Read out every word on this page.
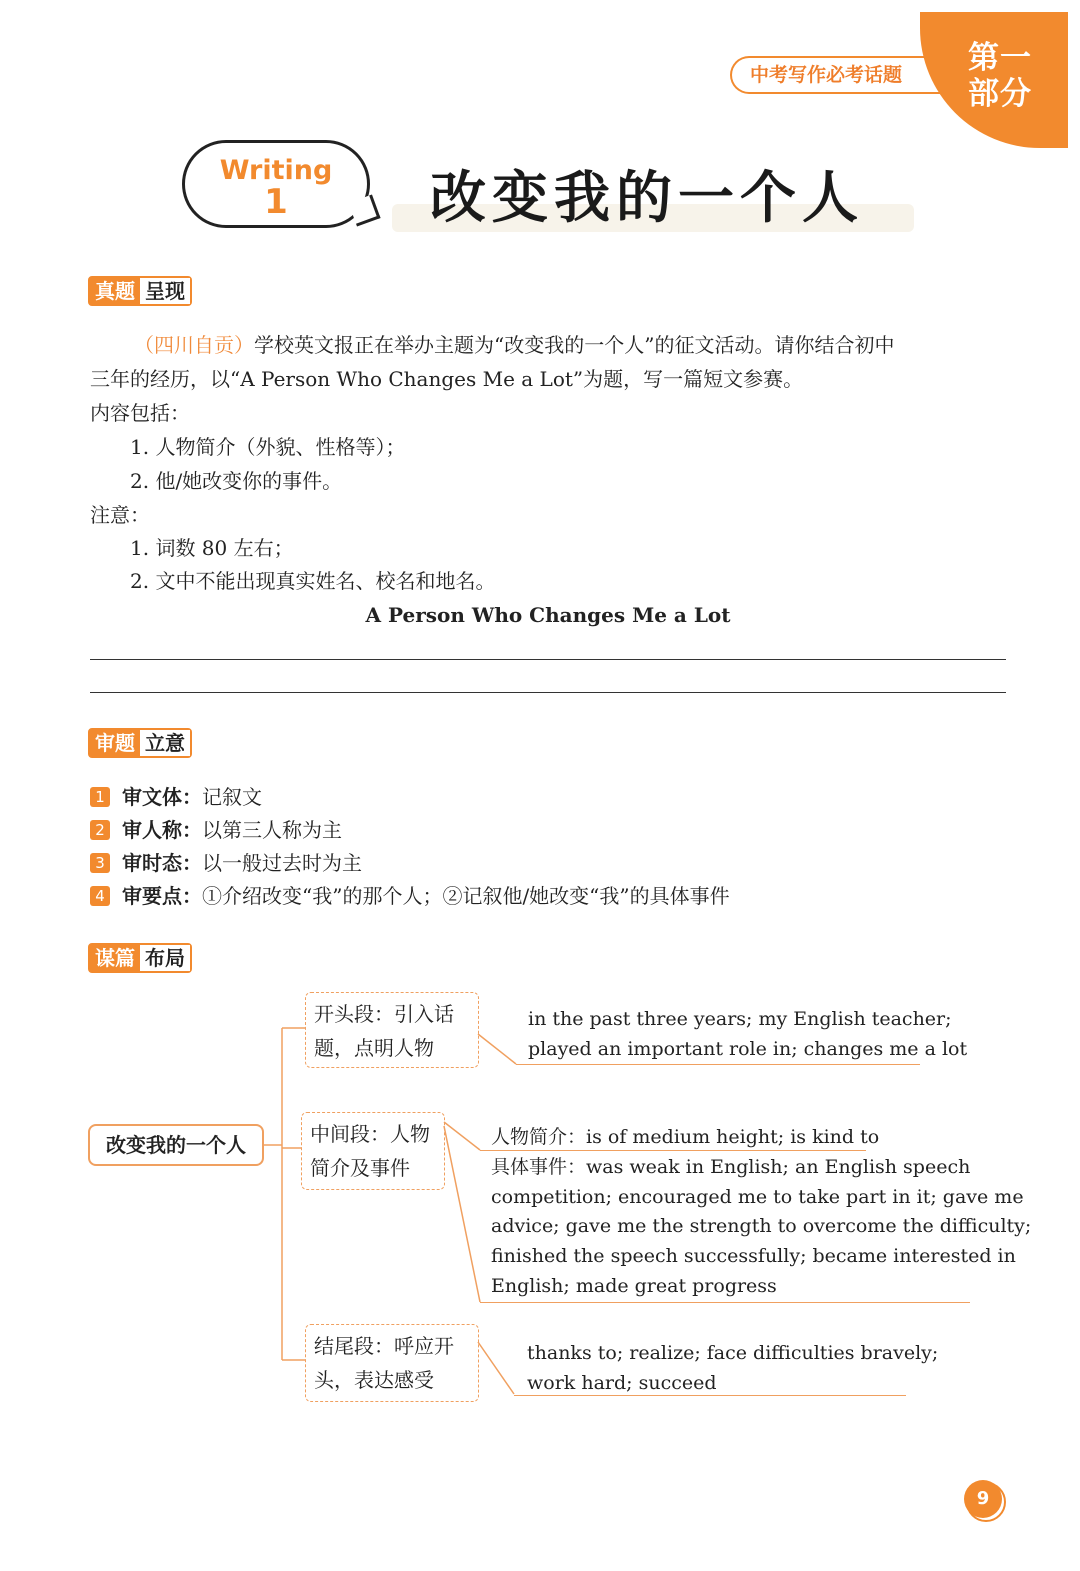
中考写作必考话题	第一部分
Writing
1	改变我的一个人
真题 呈现
（四川自贡）学校英文报正在举办主题为“改变我的一个人”的征文活动。请你结合初中
三年的经历，以“A Person Who Changes Me a Lot”为题，写一篇短文参赛。
内容包括：
1. 人物简介（外貌、性格等）；
2. 他/她改变你的事件。
注意：
1. 词数 80 左右；
2. 文中不能出现真实姓名、校名和地名。
A Person Who Changes Me a Lot
审题 立意
1 审文体：记叙文
2 审人称：以第三人称为主
3 审时态：以一般过去时为主
4 审要点：①介绍改变“我”的那个人；②记叙他/她改变“我”的具体事件
谋篇 布局
改变我的一个人
开头段：引入话
题，点明人物
in the past three years; my English teacher;
played an important role in; changes me a lot
中间段：人物
简介及事件
人物简介：is of medium height; is kind to
具体事件：was weak in English; an English speech
competition; encouraged me to take part in it; gave me
advice; gave me the strength to overcome the difficulty;
finished the speech successfully; became interested in
English; made great progress
结尾段：呼应开
头，表达感受
thanks to; realize; face difficulties bravely;
work hard; succeed
9
